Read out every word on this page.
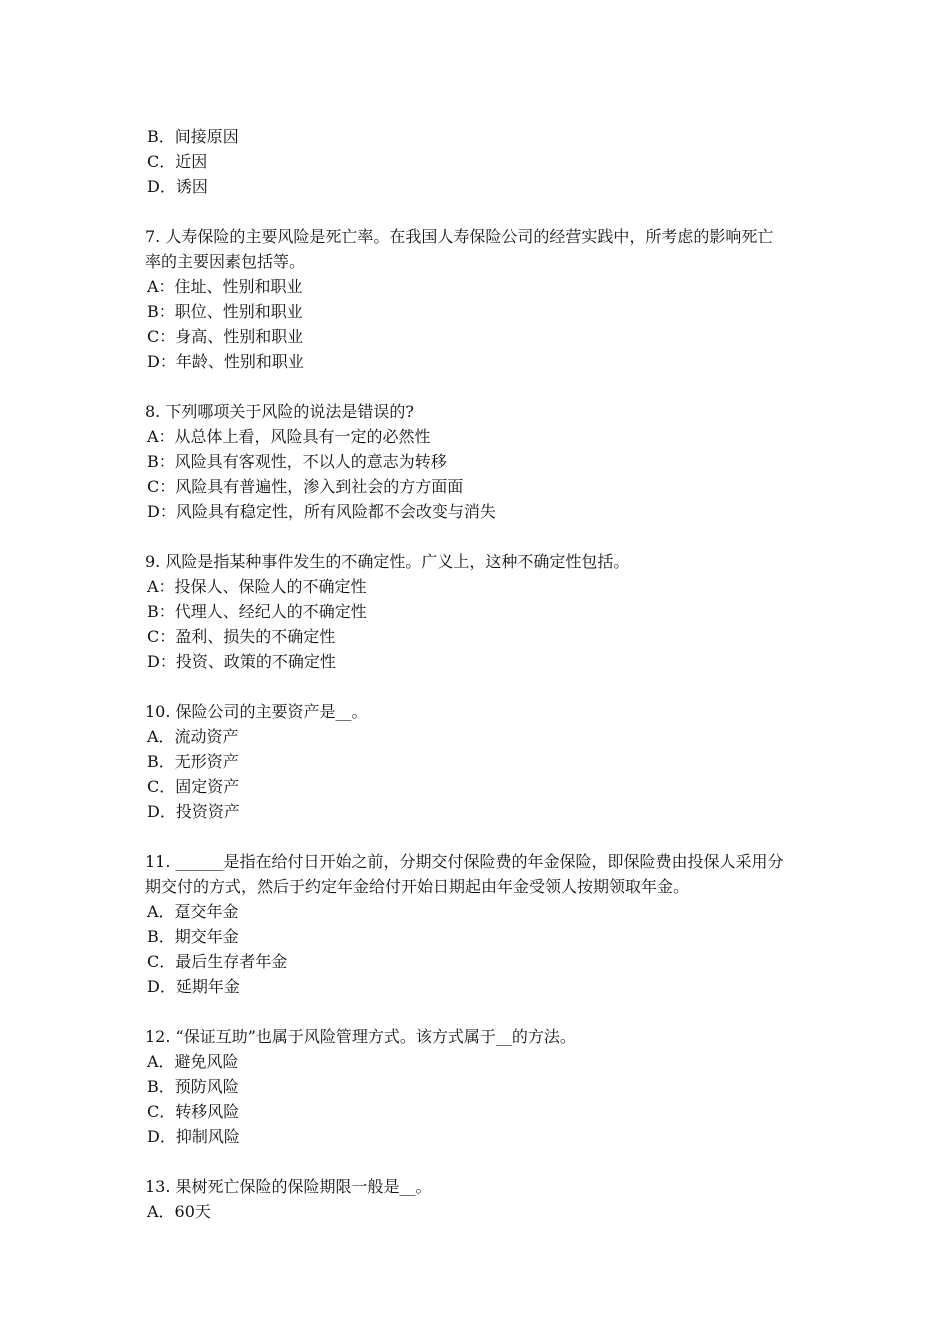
B．间接原因
C．近因
D．诱因
7. 人寿保险的主要风险是死亡率。在我国人寿保险公司的经营实践中，所考虑的影响死亡
率的主要因素包括等。
A：住址、性别和职业
B：职位、性别和职业
C：身高、性别和职业
D：年龄、性别和职业
8. 下列哪项关于风险的说法是错误的?
A：从总体上看，风险具有一定的必然性
B：风险具有客观性，不以人的意志为转移
C：风险具有普遍性，渗入到社会的方方面面
D：风险具有稳定性，所有风险都不会改变与消失
9. 风险是指某种事件发生的不确定性。广义上，这种不确定性包括。
A：投保人、保险人的不确定性
B：代理人、经纪人的不确定性
C：盈利、损失的不确定性
D：投资、政策的不确定性
10. 保险公司的主要资产是__。
A．流动资产
B．无形资产
C．固定资产
D．投资资产
11. ______是指在给付日开始之前，分期交付保险费的年金保险，即保险费由投保人采用分
期交付的方式，然后于约定年金给付开始日期起由年金受领人按期领取年金。
A．趸交年金
B．期交年金
C．最后生存者年金
D．延期年金
12. “保证互助”也属于风险管理方式。该方式属于__的方法。
A．避免风险
B．预防风险
C．转移风险
D．抑制风险
13. 果树死亡保险的保险期限一般是__。
A．60天
